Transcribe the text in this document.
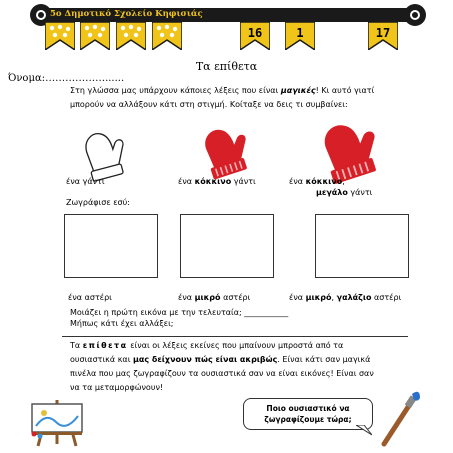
5ο Δημοτικό Σχολείο Κηφισιάς
16	1	17
Τα επίθετα
Όνομα:………………......
Στη γλώσσα μας υπάρχουν κάποιες λέξεις που είναι μαγικές! Κι αυτό γιατί
μπορούν να αλλάξουν κάτι στη στιγμή. Κοίταξε να δεις τι συμβαίνει:
ένα γάντι	ένα κόκκινο γάντι	ένα κόκκινο,
μεγάλο γάντι
Ζωγράφισε εσύ:
ένα αστέρι	ένα μικρό αστέρι	ένα μικρό, γαλάζιο αστέρι
Μοιάζει η πρώτη εικόνα με την τελευταία; ___________
Μήπως κάτι έχει αλλάξει;
Τα επίθετα είναι οι λέξεις εκείνες που μπαίνουν μπροστά από τα
ουσιαστικά και μας δείχνουν πώς είναι ακριβώς. Είναι κάτι σαν μαγικά
πινέλα που μας ζωγραφίζουν τα ουσιαστικά σαν να είναι εικόνες! Είναι σαν
να τα μεταμορφώνουν!
Ποιο ουσιαστικό να
ζωγραφίζουμε τώρα;
